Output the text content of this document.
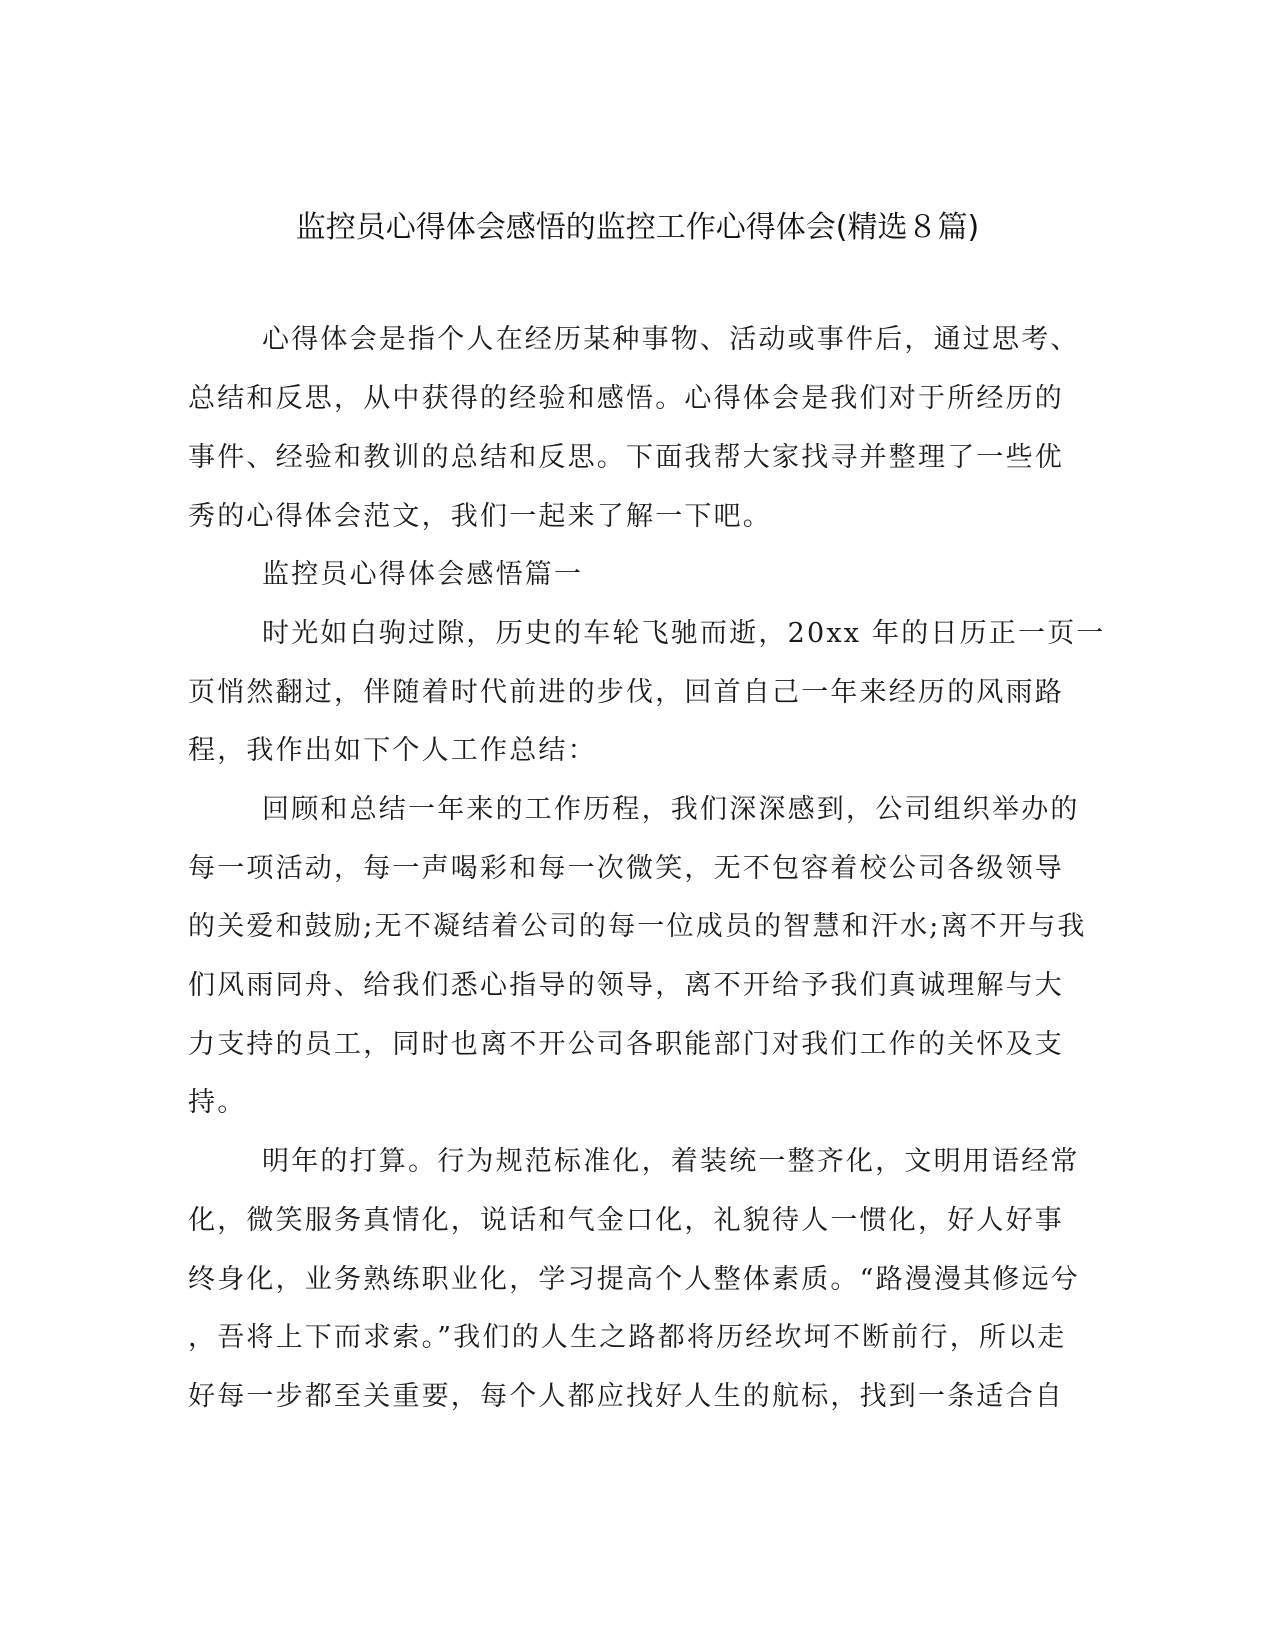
监控员心得体会感悟的监控工作心得体会(精选８篇)
心得体会是指个人在经历某种事物、活动或事件后，通过思考、
总结和反思，从中获得的经验和感悟。心得体会是我们对于所经历的
事件、经验和教训的总结和反思。下面我帮大家找寻并整理了一些优
秀的心得体会范文，我们一起来了解一下吧。
监控员心得体会感悟篇一
时光如白驹过隙，历史的车轮飞驰而逝，20xx 年的日历正一页一
页悄然翻过，伴随着时代前进的步伐，回首自己一年来经历的风雨路
程，我作出如下个人工作总结：
回顾和总结一年来的工作历程，我们深深感到，公司组织举办的
每一项活动，每一声喝彩和每一次微笑，无不包容着校公司各级领导
的关爱和鼓励;无不凝结着公司的每一位成员的智慧和汗水;离不开与我
们风雨同舟、给我们悉心指导的领导，离不开给予我们真诚理解与大
力支持的员工，同时也离不开公司各职能部门对我们工作的关怀及支
持。
明年的打算。行为规范标准化，着装统一整齐化，文明用语经常
化，微笑服务真情化，说话和气金口化，礼貌待人一惯化，好人好事
终身化，业务熟练职业化，学习提高个人整体素质。“路漫漫其修远兮
，吾将上下而求索。”我们的人生之路都将历经坎坷不断前行，所以走
好每一步都至关重要，每个人都应找好人生的航标，找到一条适合自
